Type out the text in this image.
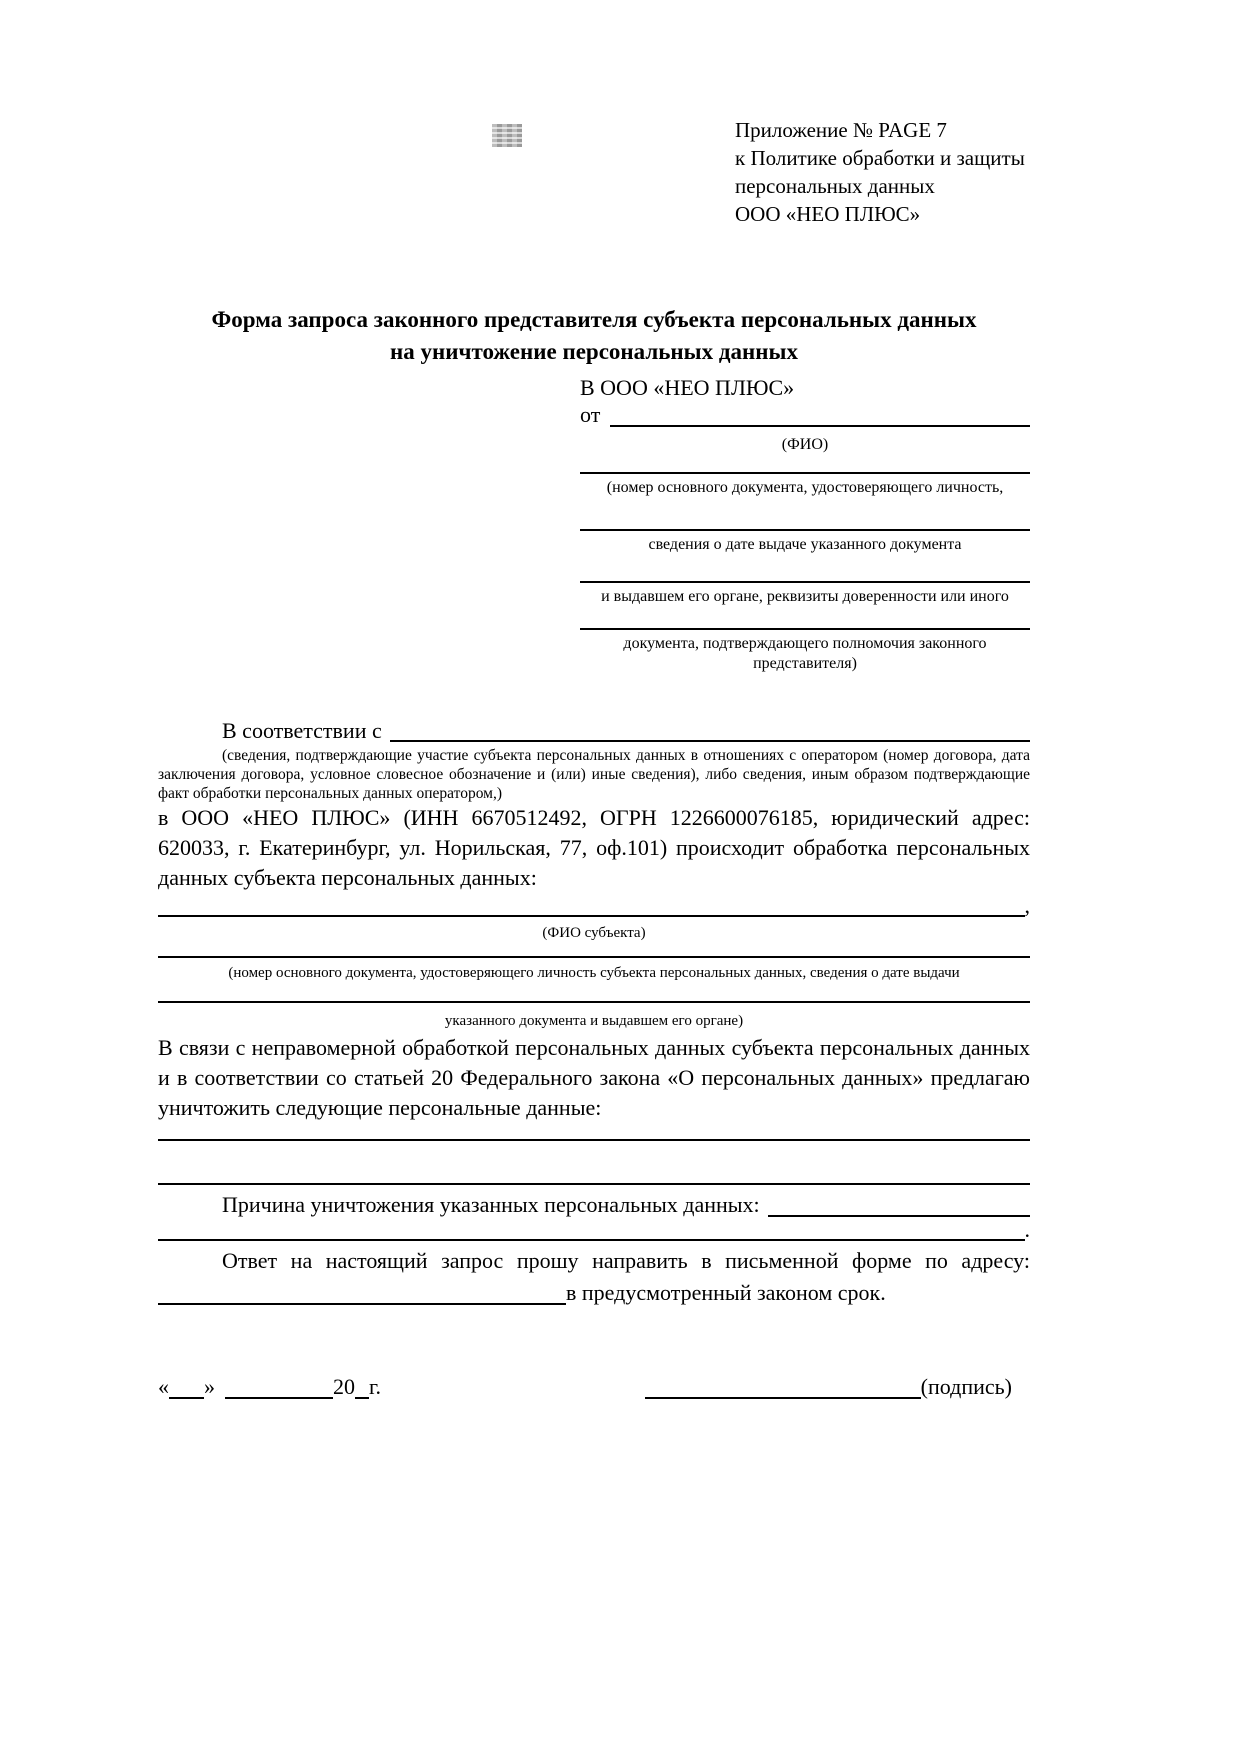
Приложение № PAGE 7
к Политике обработки и защиты
персональных данных
ООО «НЕО ПЛЮС»
Форма запроса законного представителя субъекта персональных данных
на уничтожение персональных данных
В ООО «НЕО ПЛЮС»
от
(ФИО)
(номер основного документа, удостоверяющего личность,
сведения о дате выдаче указанного документа
и выдавшем его органе, реквизиты доверенности или иного
документа, подтверждающего полномочия законного представителя)
В соответствии с
(сведения, подтверждающие участие субъекта персональных данных в отношениях с оператором (номер договора, дата заключения договора, условное словесное обозначение и (или) иные сведения), либо сведения, иным образом подтверждающие факт обработки персональных данных оператором,)
в ООО «НЕО ПЛЮС» (ИНН 6670512492, ОГРН 1226600076185, юридический адрес: 620033, г. Екатеринбург, ул. Норильская, 77, оф.101) происходит обработка персональных данных субъекта персональных данных:
,
(ФИО субъекта)
(номер основного документа, удостоверяющего личность субъекта персональных данных, сведения о дате выдачи
указанного документа и выдавшем его органе)
В связи с неправомерной обработкой персональных данных субъекта персональных данных и в соответствии со статьей 20 Федерального закона «О персональных данных» предлагаю уничтожить следующие персональные данные:
Причина уничтожения указанных персональных данных:
.
Ответ на настоящий запрос прошу направить в письменной форме по адресу:
в предусмотренный законом срок.
« »	20 г.	(подпись)
